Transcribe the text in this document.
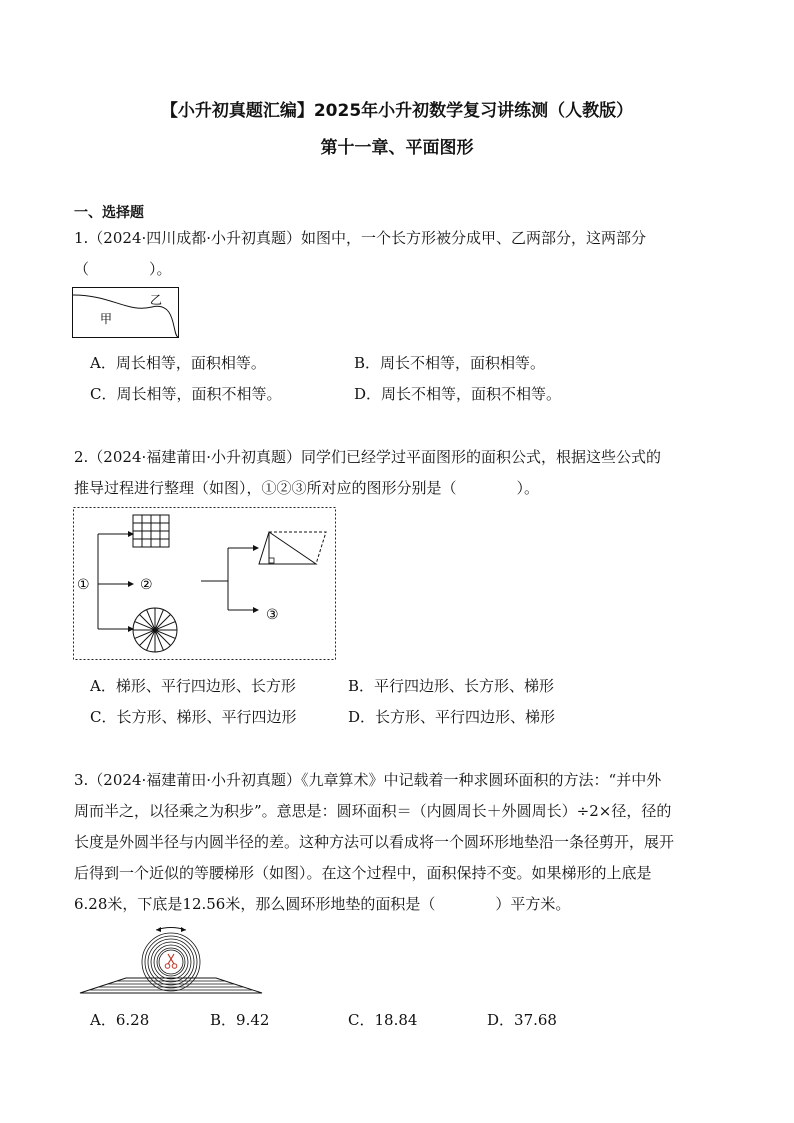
【小升初真题汇编】2025年小升初数学复习讲练测（人教版）
第十一章、平面图形
一、选择题
1.（2024·四川成都·小升初真题）如图中，一个长方形被分成甲、乙两部分，这两部分
（　　　　）。
甲
乙
A．周长相等，面积相等。	B．周长不相等，面积相等。
C．周长相等，面积不相等。	D．周长不相等，面积不相等。
2.（2024·福建莆田·小升初真题）同学们已经学过平面图形的面积公式，根据这些公式的
推导过程进行整理（如图），①②③所对应的图形分别是（　　　　）。
①	②
③
A．梯形、平行四边形、长方形	B．平行四边形、长方形、梯形
C．长方形、梯形、平行四边形	D．长方形、平行四边形、梯形
3.（2024·福建莆田·小升初真题）《九章算术》中记载着一种求圆环面积的方法：“并中外
周而半之，以径乘之为积步”。意思是：圆环面积＝（内圆周长＋外圆周长）÷2×径，径的
长度是外圆半径与内圆半径的差。这种方法可以看成将一个圆环形地垫沿一条径剪开，展开
后得到一个近似的等腰梯形（如图）。在这个过程中，面积保持不变。如果梯形的上底是
6.28米，下底是12.56米，那么圆环形地垫的面积是（　　　　）平方米。
A．6.28	B．9.42	C．18.84	D．37.68
